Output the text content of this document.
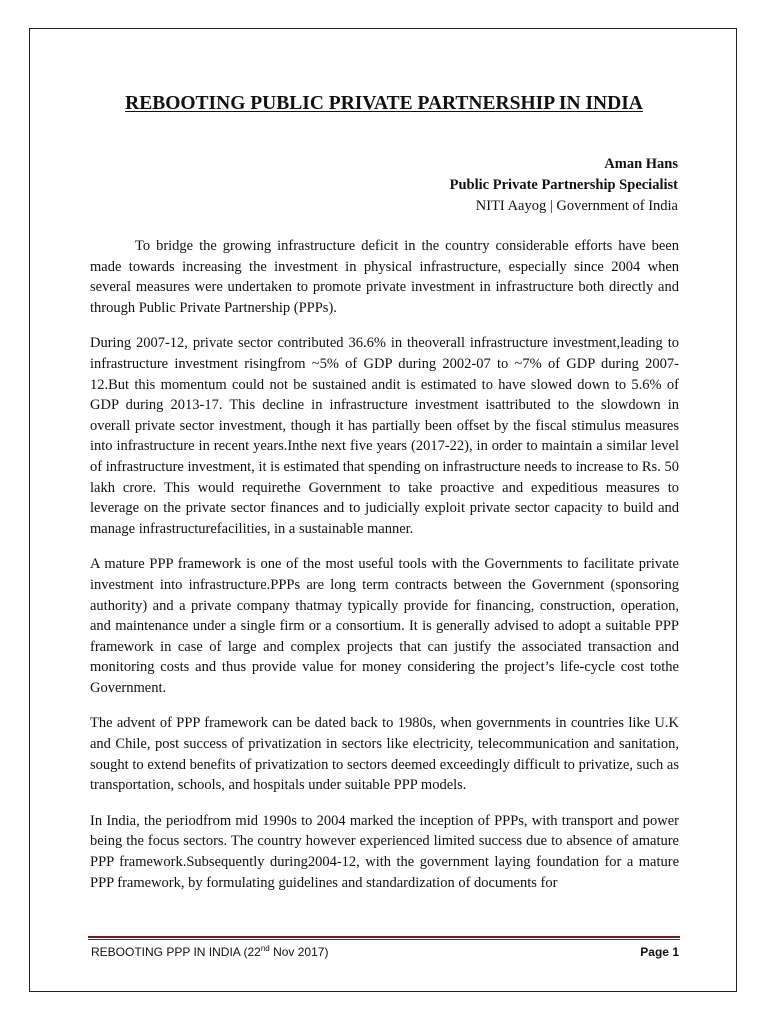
REBOOTING PUBLIC PRIVATE PARTNERSHIP IN INDIA
Aman Hans
Public Private Partnership Specialist
NITI Aayog | Government of India

To bridge the growing infrastructure deficit in the country considerable efforts have been made towards increasing the investment in physical infrastructure, especially since 2004 when several measures were undertaken to promote private investment in infrastructure both directly and through Public Private Partnership (PPPs).

During 2007-12, private sector contributed 36.6% in theoverall infrastructure investment,leading to infrastructure investment risingfrom ~5% of GDP during 2002-07 to ~7% of GDP during 2007-12.But this momentum could not be sustained andit is estimated to have slowed down to 5.6% of GDP during 2013-17. This decline in infrastructure investment isattributed to the slowdown in overall private sector investment, though it has partially been offset by the fiscal stimulus measures into infrastructure in recent years.Inthe next five years (2017-22), in order to maintain a similar level of infrastructure investment, it is estimated that spending on infrastructure needs to increase to Rs. 50 lakh crore. This would requirethe Government to take proactive and expeditious measures to leverage on the private sector finances and to judicially exploit private sector capacity to build and manage infrastructurefacilities, in a sustainable manner.

A mature PPP framework is one of the most useful tools with the Governments to facilitate private investment into infrastructure.PPPs are long term contracts between the Government (sponsoring authority) and a private company thatmay typically provide for financing, construction, operation, and maintenance under a single firm or a consortium. It is generally advised to adopt a suitable PPP framework in case of large and complex projects that can justify the associated transaction and monitoring costs and thus provide value for money considering the project’s life-cycle cost tothe Government.

The advent of PPP framework can be dated back to 1980s, when governments in countries like U.K and Chile, post success of privatization in sectors like electricity, telecommunication and sanitation, sought to extend benefits of privatization to sectors deemed exceedingly difficult to privatize, such as transportation, schools, and hospitals under suitable PPP models.

In India, the periodfrom mid 1990s to 2004 marked the inception of PPPs, with transport and power being the focus sectors. The country however experienced limited success due to absence of amature PPP framework.Subsequently during2004-12, with the government laying foundation for a mature PPP framework, by formulating guidelines and standardization of documents for

REBOOTING PPP IN INDIA (22nd Nov 2017)	Page 1
